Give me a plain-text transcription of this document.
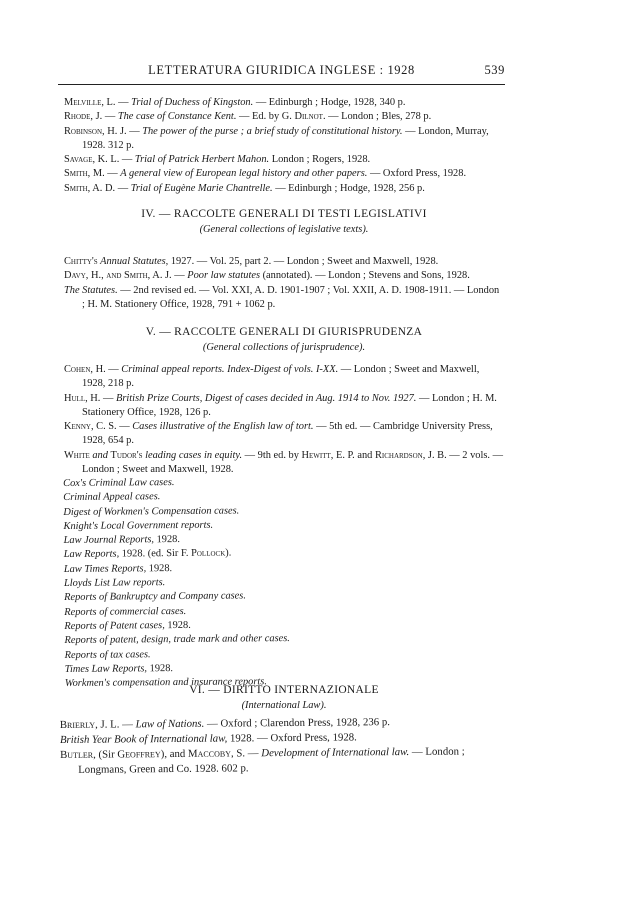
LETTERATURA GIURIDICA INGLESE : 1928	539
Melville, L. — Trial of Duchess of Kingston. — Edinburgh ; Hodge, 1928, 340 p.
Rhode, J. — The case of Constance Kent. — Ed. by G. Dilnot. — London ; Bles, 278 p.
Robinson, H. J. — The power of the purse ; a brief study of constitutional history. — London, Murray, 1928. 312 p.
Savage, K. L. — Trial of Patrick Herbert Mahon. London ; Rogers, 1928.
Smith, M. — A general view of European legal history and other papers. — Oxford Press, 1928.
Smith, A. D. — Trial of Eugène Marie Chantrelle. — Edinburgh ; Hodge, 1928, 256 p.
IV. — RACCOLTE GENERALI DI TESTI LEGISLATIVI
(General collections of legislative texts).
Chitty's Annual Statutes, 1927. — Vol. 25, part 2. — London ; Sweet and Maxwell, 1928.
Davy, H., and Smith, A. J. — Poor law statutes (annotated). — London ; Stevens and Sons, 1928.
The Statutes. — 2nd revised ed. — Vol. XXI, A. D. 1901-1907 ; Vol. XXII, A. D. 1908-1911. — London ; H. M. Stationery Office, 1928, 791 + 1062 p.
V. — RACCOLTE GENERALI DI GIURISPRUDENZA
(General collections of jurisprudence).
Cohen, H. — Criminal appeal reports. Index-Digest of vols. I-XX. — London ; Sweet and Maxwell, 1928, 218 p.
Hull, H. — British Prize Courts, Digest of cases decided in Aug. 1914 to Nov. 1927. — London ; H. M. Stationery Office, 1928, 126 p.
Kenny, C. S. — Cases illustrative of the English law of tort. — 5th ed. — Cambridge University Press, 1928, 654 p.
White and Tudor's leading cases in equity. — 9th ed. by Hewitt, E. P. and Richardson, J. B. — 2 vols. — London ; Sweet and Maxwell, 1928.
Cox's Criminal Law cases.
Criminal Appeal cases.
Digest of Workmen's Compensation cases.
Knight's Local Government reports.
Law Journal Reports, 1928.
Law Reports, 1928. (ed. Sir F. Pollock).
Law Times Reports, 1928.
Lloyds List Law reports.
Reports of Bankruptcy and Company cases.
Reports of commercial cases.
Reports of Patent cases, 1928.
Reports of patent, design, trade mark and other cases.
Reports of tax cases.
Times Law Reports, 1928.
Workmen's compensation and insurance reports.
VI. — DIRITTO INTERNAZIONALE
(International Law).
Brierly, J. L. — Law of Nations. — Oxford ; Clarendon Press, 1928, 236 p.
British Year Book of International law, 1928. — Oxford Press, 1928.
Butler, (Sir Geoffrey), and Maccoby, S. — Development of International law. — London ; Longmans, Green and Co. 1928. 602 p.
